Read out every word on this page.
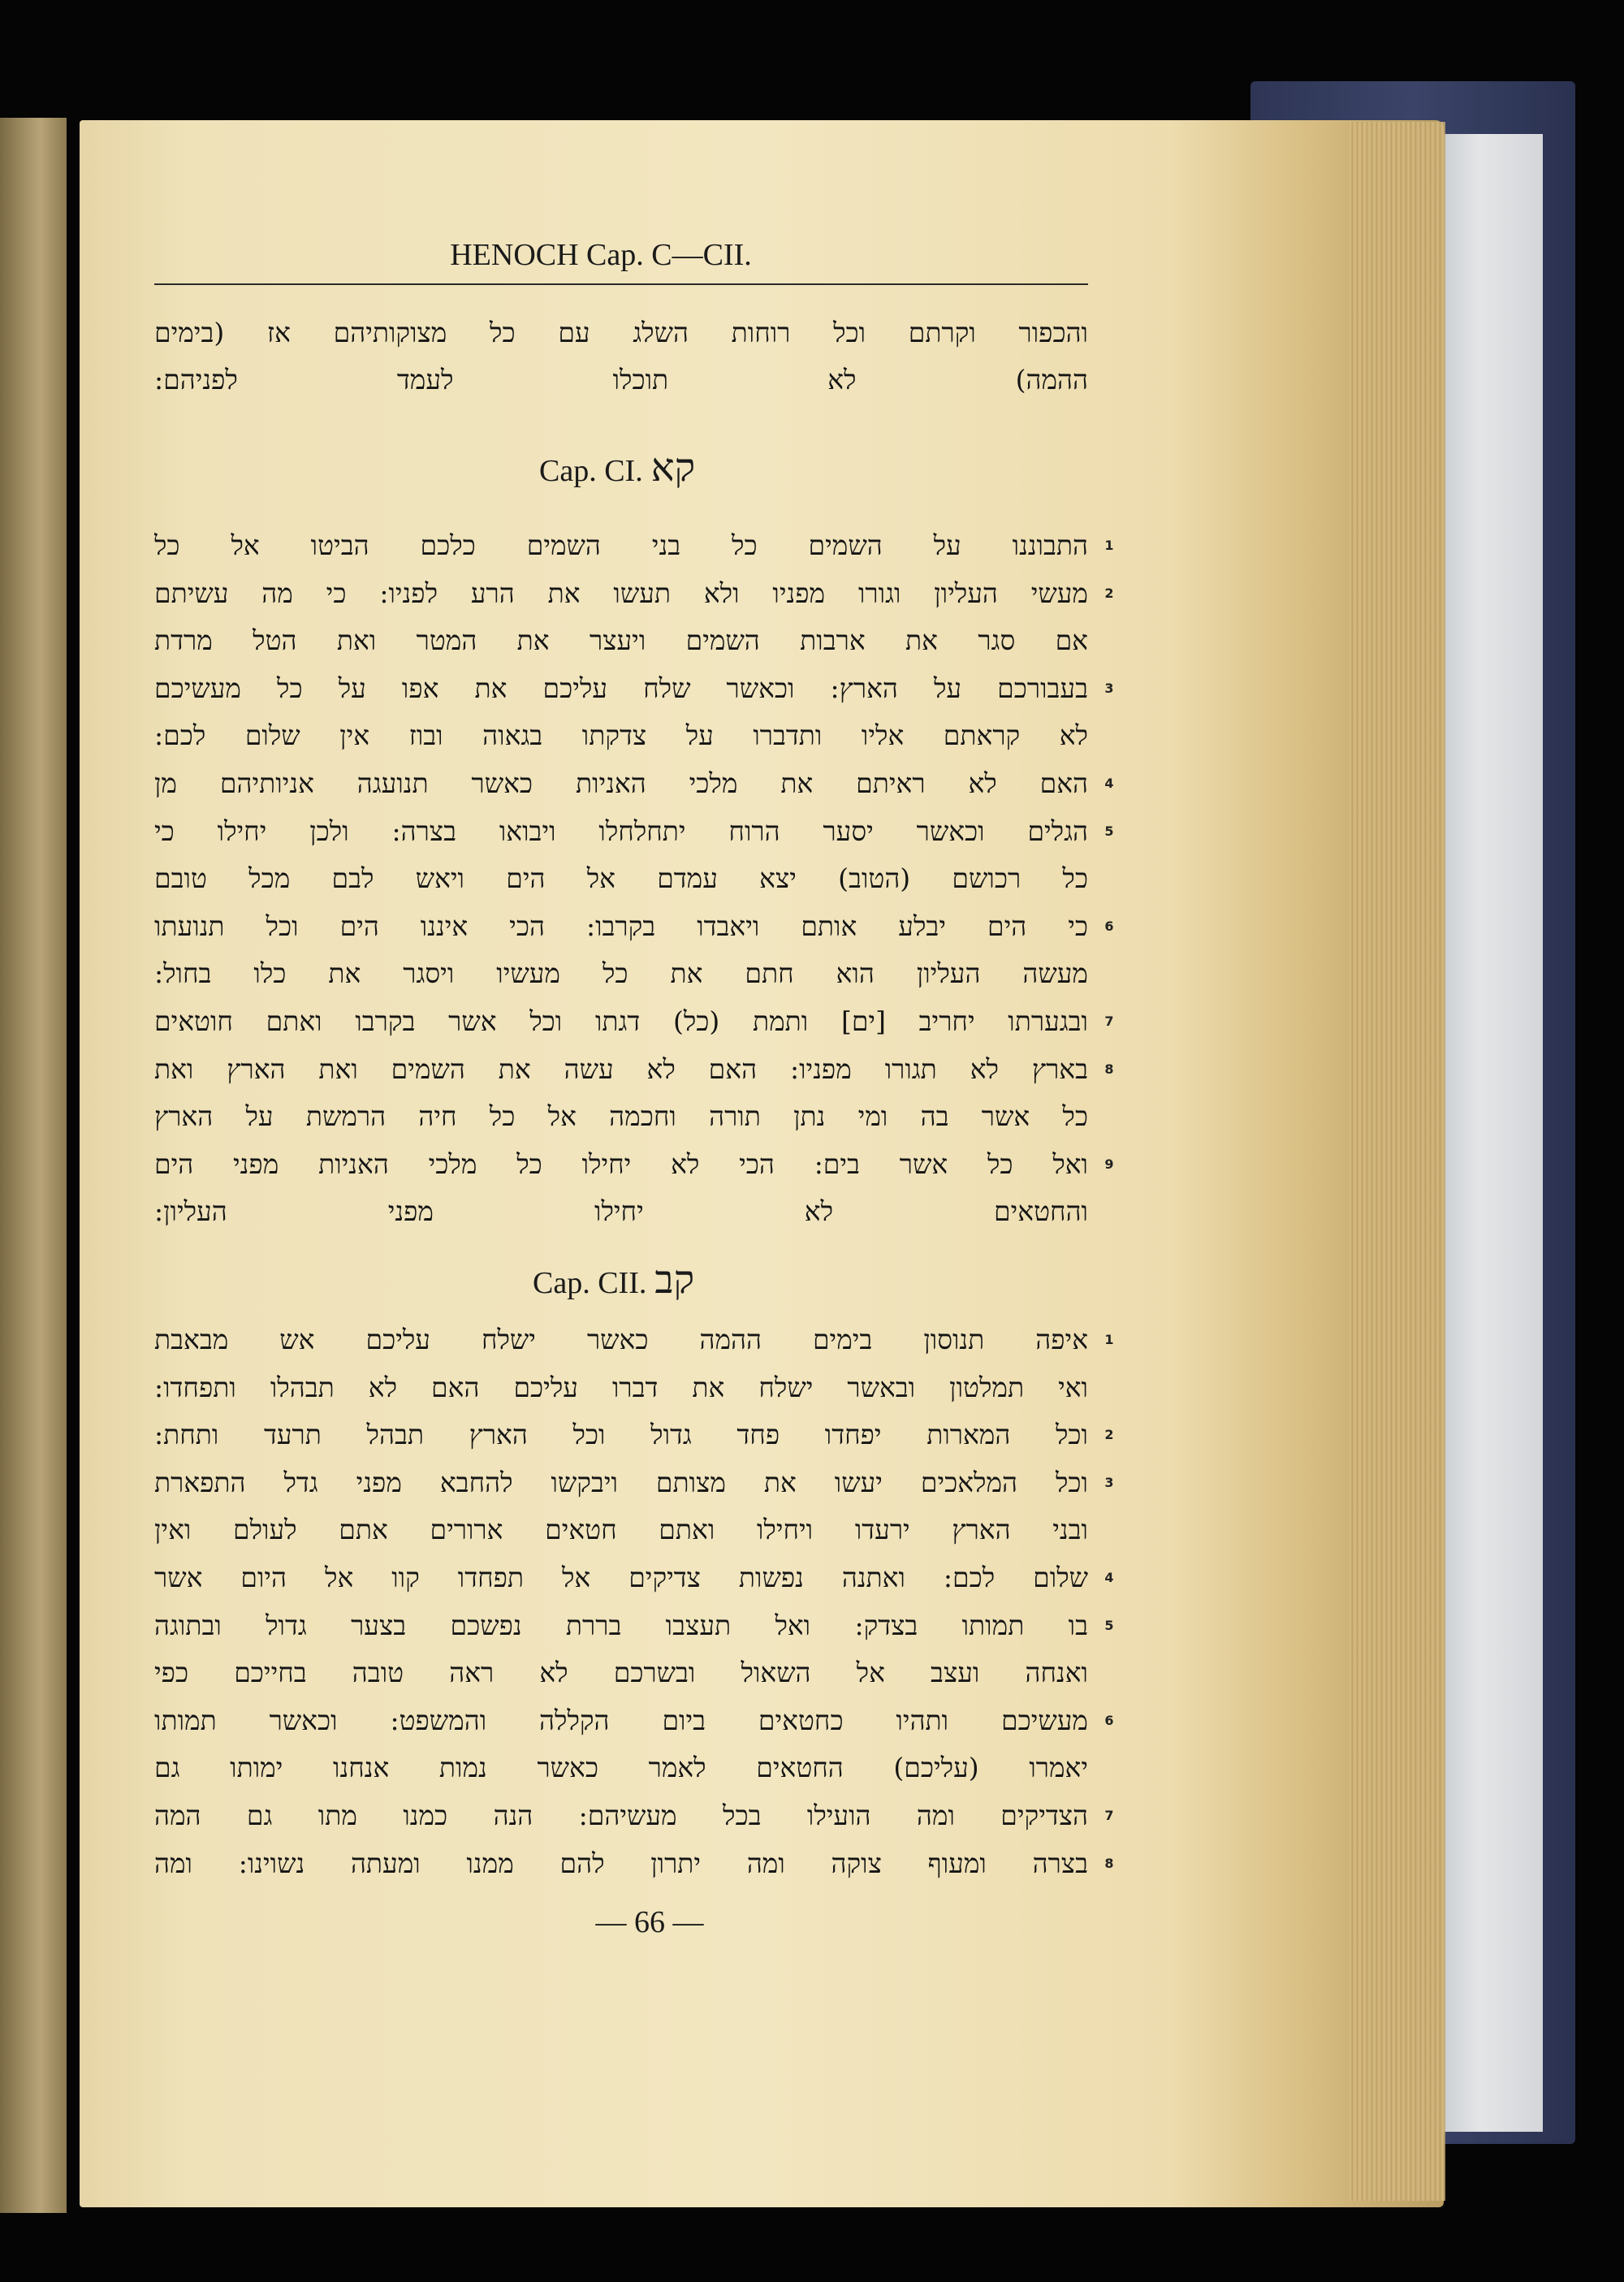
HENOCH Cap. C—CII.
והכפור וקרתם וכל רוחות השלג עם כל מצוקותיהם אז (בימים
ההמה) לא תוכלו לעמד לפניהם:
Cap. CI. קא
התבוננו על השמים כל בני השמים כלכם הביטו אל כל
מעשי העליון וגורו מפניו ולא תעשו את הרע לפניו: כי מה עשיתם
אם סגר את ארבות השמים ויעצר את המטר ואת הטל מרדת
בעבורכם על הארץ: וכאשר שלח עליכם את אפו על כל מעשיכם
לא קראתם אליו ותדברו על צדקתו בגאוה ובוז אין שלום לכם:
האם לא ראיתם את מלכי האניות כאשר תנועגה אניותיהם מן
הגלים וכאשר יסער הרוח יתחלחלו ויבואו בצרה: ולכן יחילו כי
כל רכושם (הטוב) יצא עמדם אל הים ויאש לבם מכל טובם
כי הים יבלע אותם ויאבדו בקרבו: הכי איננו הים וכל תנועתו
מעשה העליון הוא חתם את כל מעשיו ויסגר את כלו בחול:
ובגערתו יחריב [ים] ותמת (כל) דגתו וכל אשר בקרבו ואתם חוטאים
בארץ לא תגורו מפניו: האם לא עשה את השמים ואת הארץ ואת
כל אשר בה ומי נתן תורה וחכמה אל כל חיה הרמשת על הארץ
ואל כל אשר בים: הכי לא יחילו כל מלכי האניות מפני הים
והחטאים לא יחילו מפני העליון:
Cap. CII. קב
איפה תנוסון בימים ההמה כאשר ישלח עליכם אש מבאבת
ואי תמלטון ובאשר ישלח את דברו עליכם האם לא תבהלו ותפחדו:
וכל המארות יפחדו פחד גדול וכל הארץ תבהל תרעד ותחת:
וכל המלאכים יעשו את מצותם ויבקשו להחבא מפני גדל התפארת
ובני הארץ ירעדו ויחילו ואתם חטאים ארורים אתם לעולם ואין
שלום לכם: ואתנה נפשות צדיקים אל תפחדו קוו אל היום אשר
בו תמותו בצדק: ואל תעצבו בררת נפשכם בצער גדול ובתוגה
ואנחה ועצב אל השאול ובשרכם לא ראה טובה בחייכם כפי
מעשיכם ותהיו כחטאים ביום הקללה והמשפט: וכאשר תמותו
יאמרו (עליכם) החטאים לאמר כאשר נמות אנחנו ימותו גם
הצדיקים ומה הועילו בכל מעשיהם: הנה כמנו מתו גם המה
בצרה ומעוף צוקה ומה יתרון להם ממנו ומעתה נשוינו: ומה
— 66 —
1
2
3
4
5
6
7
8
9
1
2
3
4
5
6
7
8
